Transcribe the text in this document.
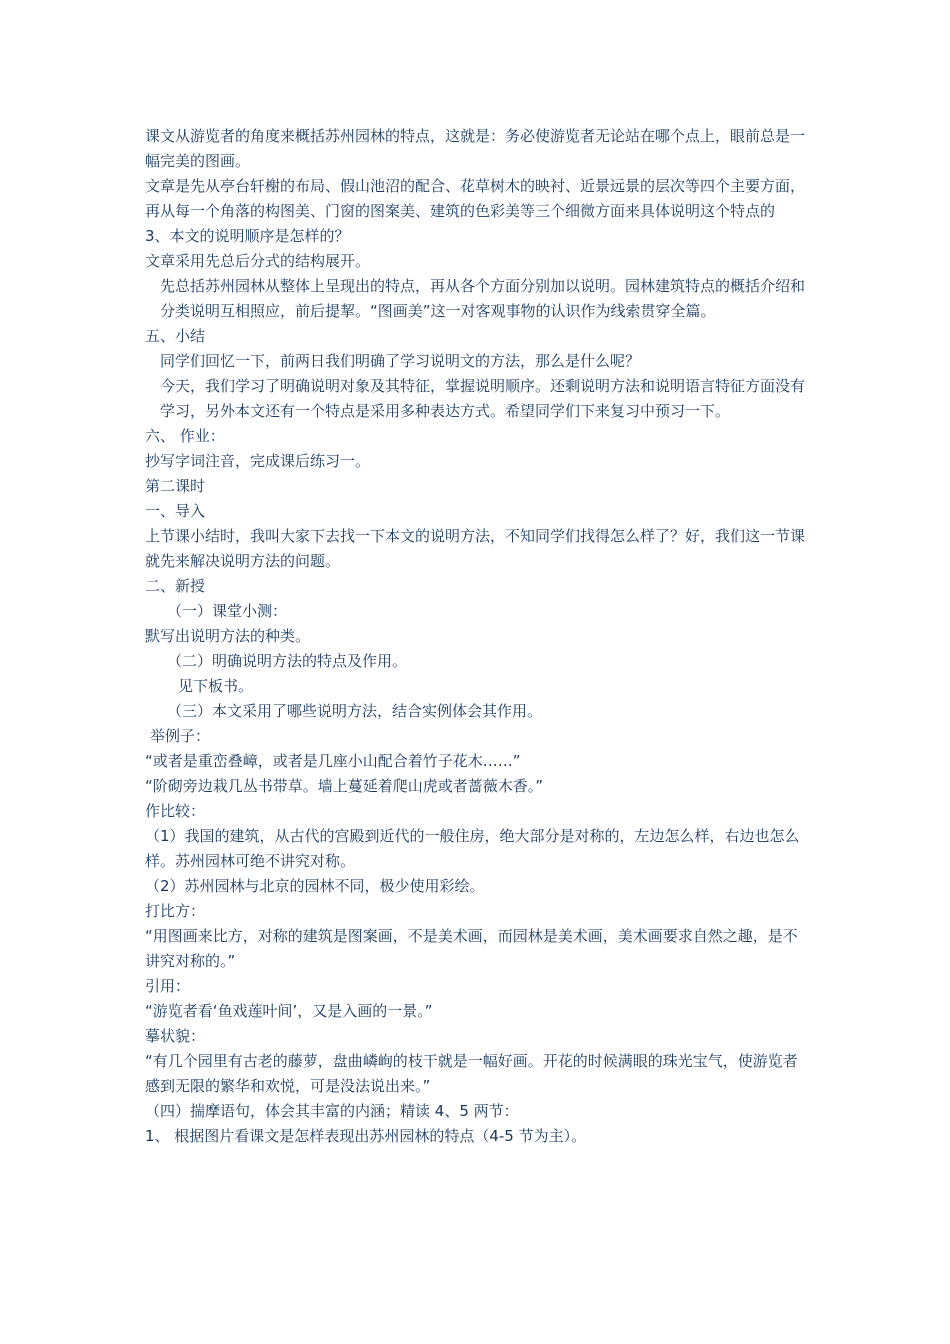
课文从游览者的角度来概括苏州园林的特点，这就是：务必使游览者无论站在哪个点上，眼前总是一幅完美的图画。

文章是先从亭台轩榭的布局、假山池沼的配合、花草树木的映衬、近景远景的层次等四个主要方面，再从每一个角落的构图美、门窗的图案美、建筑的色彩美等三个细微方面来具体说明这个特点的

3、本文的说明顺序是怎样的？

文章采用先总后分式的结构展开。

先总括苏州园林从整体上呈现出的特点，再从各个方面分别加以说明。园林建筑特点的概括介绍和分类说明互相照应，前后提挈。“图画美”这一对客观事物的认识作为线索贯穿全篇。

五、小结

同学们回忆一下，前两日我们明确了学习说明文的方法，那么是什么呢？

今天，我们学习了明确说明对象及其特征，掌握说明顺序。还剩说明方法和说明语言特征方面没有学习，另外本文还有一个特点是采用多种表达方式。希望同学们下来复习中预习一下。

六、 作业：

抄写字词注音，完成课后练习一。

第二课时

一、导入

上节课小结时，我叫大家下去找一下本文的说明方法，不知同学们找得怎么样了？好，我们这一节课就先来解决说明方法的问题。

二、新授

（一）课堂小测：

默写出说明方法的种类。

（二）明确说明方法的特点及作用。

见下板书。

（三）本文采用了哪些说明方法，结合实例体会其作用。

举例子：

“或者是重峦叠嶂，或者是几座小山配合着竹子花木……”

“阶砌旁边栽几丛书带草。墙上蔓延着爬山虎或者蔷薇木香。”

作比较：

（1）我国的建筑，从古代的宫殿到近代的一般住房，绝大部分是对称的，左边怎么样，右边也怎么样。苏州园林可绝不讲究对称。

（2）苏州园林与北京的园林不同，极少使用彩绘。

打比方：

“用图画来比方，对称的建筑是图案画，不是美术画，而园林是美术画，美术画要求自然之趣，是不讲究对称的。”

引用：

“游览者看‘鱼戏莲叶间’，又是入画的一景。”

摹状貌：

“有几个园里有古老的藤萝，盘曲嶙峋的枝干就是一幅好画。开花的时候满眼的珠光宝气，使游览者感到无限的繁华和欢悦，可是没法说出来。”

（四）揣摩语句，体会其丰富的内涵；精读 4、5 两节：

1、 根据图片看课文是怎样表现出苏州园林的特点（4-5 节为主）。
